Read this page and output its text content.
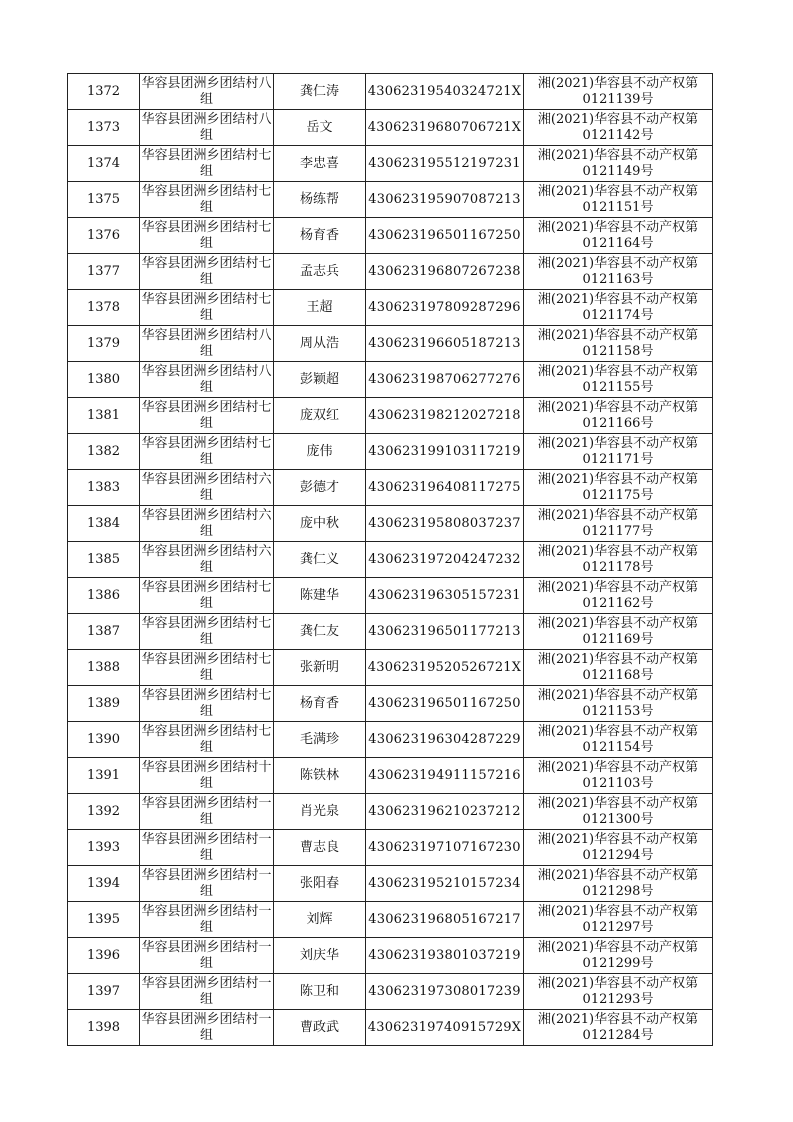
1372	华容县团洲乡团结村八组	龚仁涛	43062319540324721X	湘(2021)华容县不动产权第0121139号
1373	华容县团洲乡团结村八组	岳文	43062319680706721X	湘(2021)华容县不动产权第0121142号
1374	华容县团洲乡团结村七组	李忠喜	430623195512197231	湘(2021)华容县不动产权第0121149号
1375	华容县团洲乡团结村七组	杨练帮	430623195907087213	湘(2021)华容县不动产权第0121151号
1376	华容县团洲乡团结村七组	杨育香	430623196501167250	湘(2021)华容县不动产权第0121164号
1377	华容县团洲乡团结村七组	孟志兵	430623196807267238	湘(2021)华容县不动产权第0121163号
1378	华容县团洲乡团结村七组	王超	430623197809287296	湘(2021)华容县不动产权第0121174号
1379	华容县团洲乡团结村八组	周从浩	430623196605187213	湘(2021)华容县不动产权第0121158号
1380	华容县团洲乡团结村八组	彭颖超	430623198706277276	湘(2021)华容县不动产权第0121155号
1381	华容县团洲乡团结村七组	庞双红	430623198212027218	湘(2021)华容县不动产权第0121166号
1382	华容县团洲乡团结村七组	庞伟	430623199103117219	湘(2021)华容县不动产权第0121171号
1383	华容县团洲乡团结村六组	彭德才	430623196408117275	湘(2021)华容县不动产权第0121175号
1384	华容县团洲乡团结村六组	庞中秋	430623195808037237	湘(2021)华容县不动产权第0121177号
1385	华容县团洲乡团结村六组	龚仁义	430623197204247232	湘(2021)华容县不动产权第0121178号
1386	华容县团洲乡团结村七组	陈建华	430623196305157231	湘(2021)华容县不动产权第0121162号
1387	华容县团洲乡团结村七组	龚仁友	430623196501177213	湘(2021)华容县不动产权第0121169号
1388	华容县团洲乡团结村七组	张新明	43062319520526721X	湘(2021)华容县不动产权第0121168号
1389	华容县团洲乡团结村七组	杨育香	430623196501167250	湘(2021)华容县不动产权第0121153号
1390	华容县团洲乡团结村七组	毛满珍	430623196304287229	湘(2021)华容县不动产权第0121154号
1391	华容县团洲乡团结村十组	陈铁林	430623194911157216	湘(2021)华容县不动产权第0121103号
1392	华容县团洲乡团结村一组	肖光泉	430623196210237212	湘(2021)华容县不动产权第0121300号
1393	华容县团洲乡团结村一组	曹志良	430623197107167230	湘(2021)华容县不动产权第0121294号
1394	华容县团洲乡团结村一组	张阳春	430623195210157234	湘(2021)华容县不动产权第0121298号
1395	华容县团洲乡团结村一组	刘辉	430623196805167217	湘(2021)华容县不动产权第0121297号
1396	华容县团洲乡团结村一组	刘庆华	430623193801037219	湘(2021)华容县不动产权第0121299号
1397	华容县团洲乡团结村一组	陈卫和	430623197308017239	湘(2021)华容县不动产权第0121293号
1398	华容县团洲乡团结村一组	曹政武	43062319740915729X	湘(2021)华容县不动产权第0121284号
